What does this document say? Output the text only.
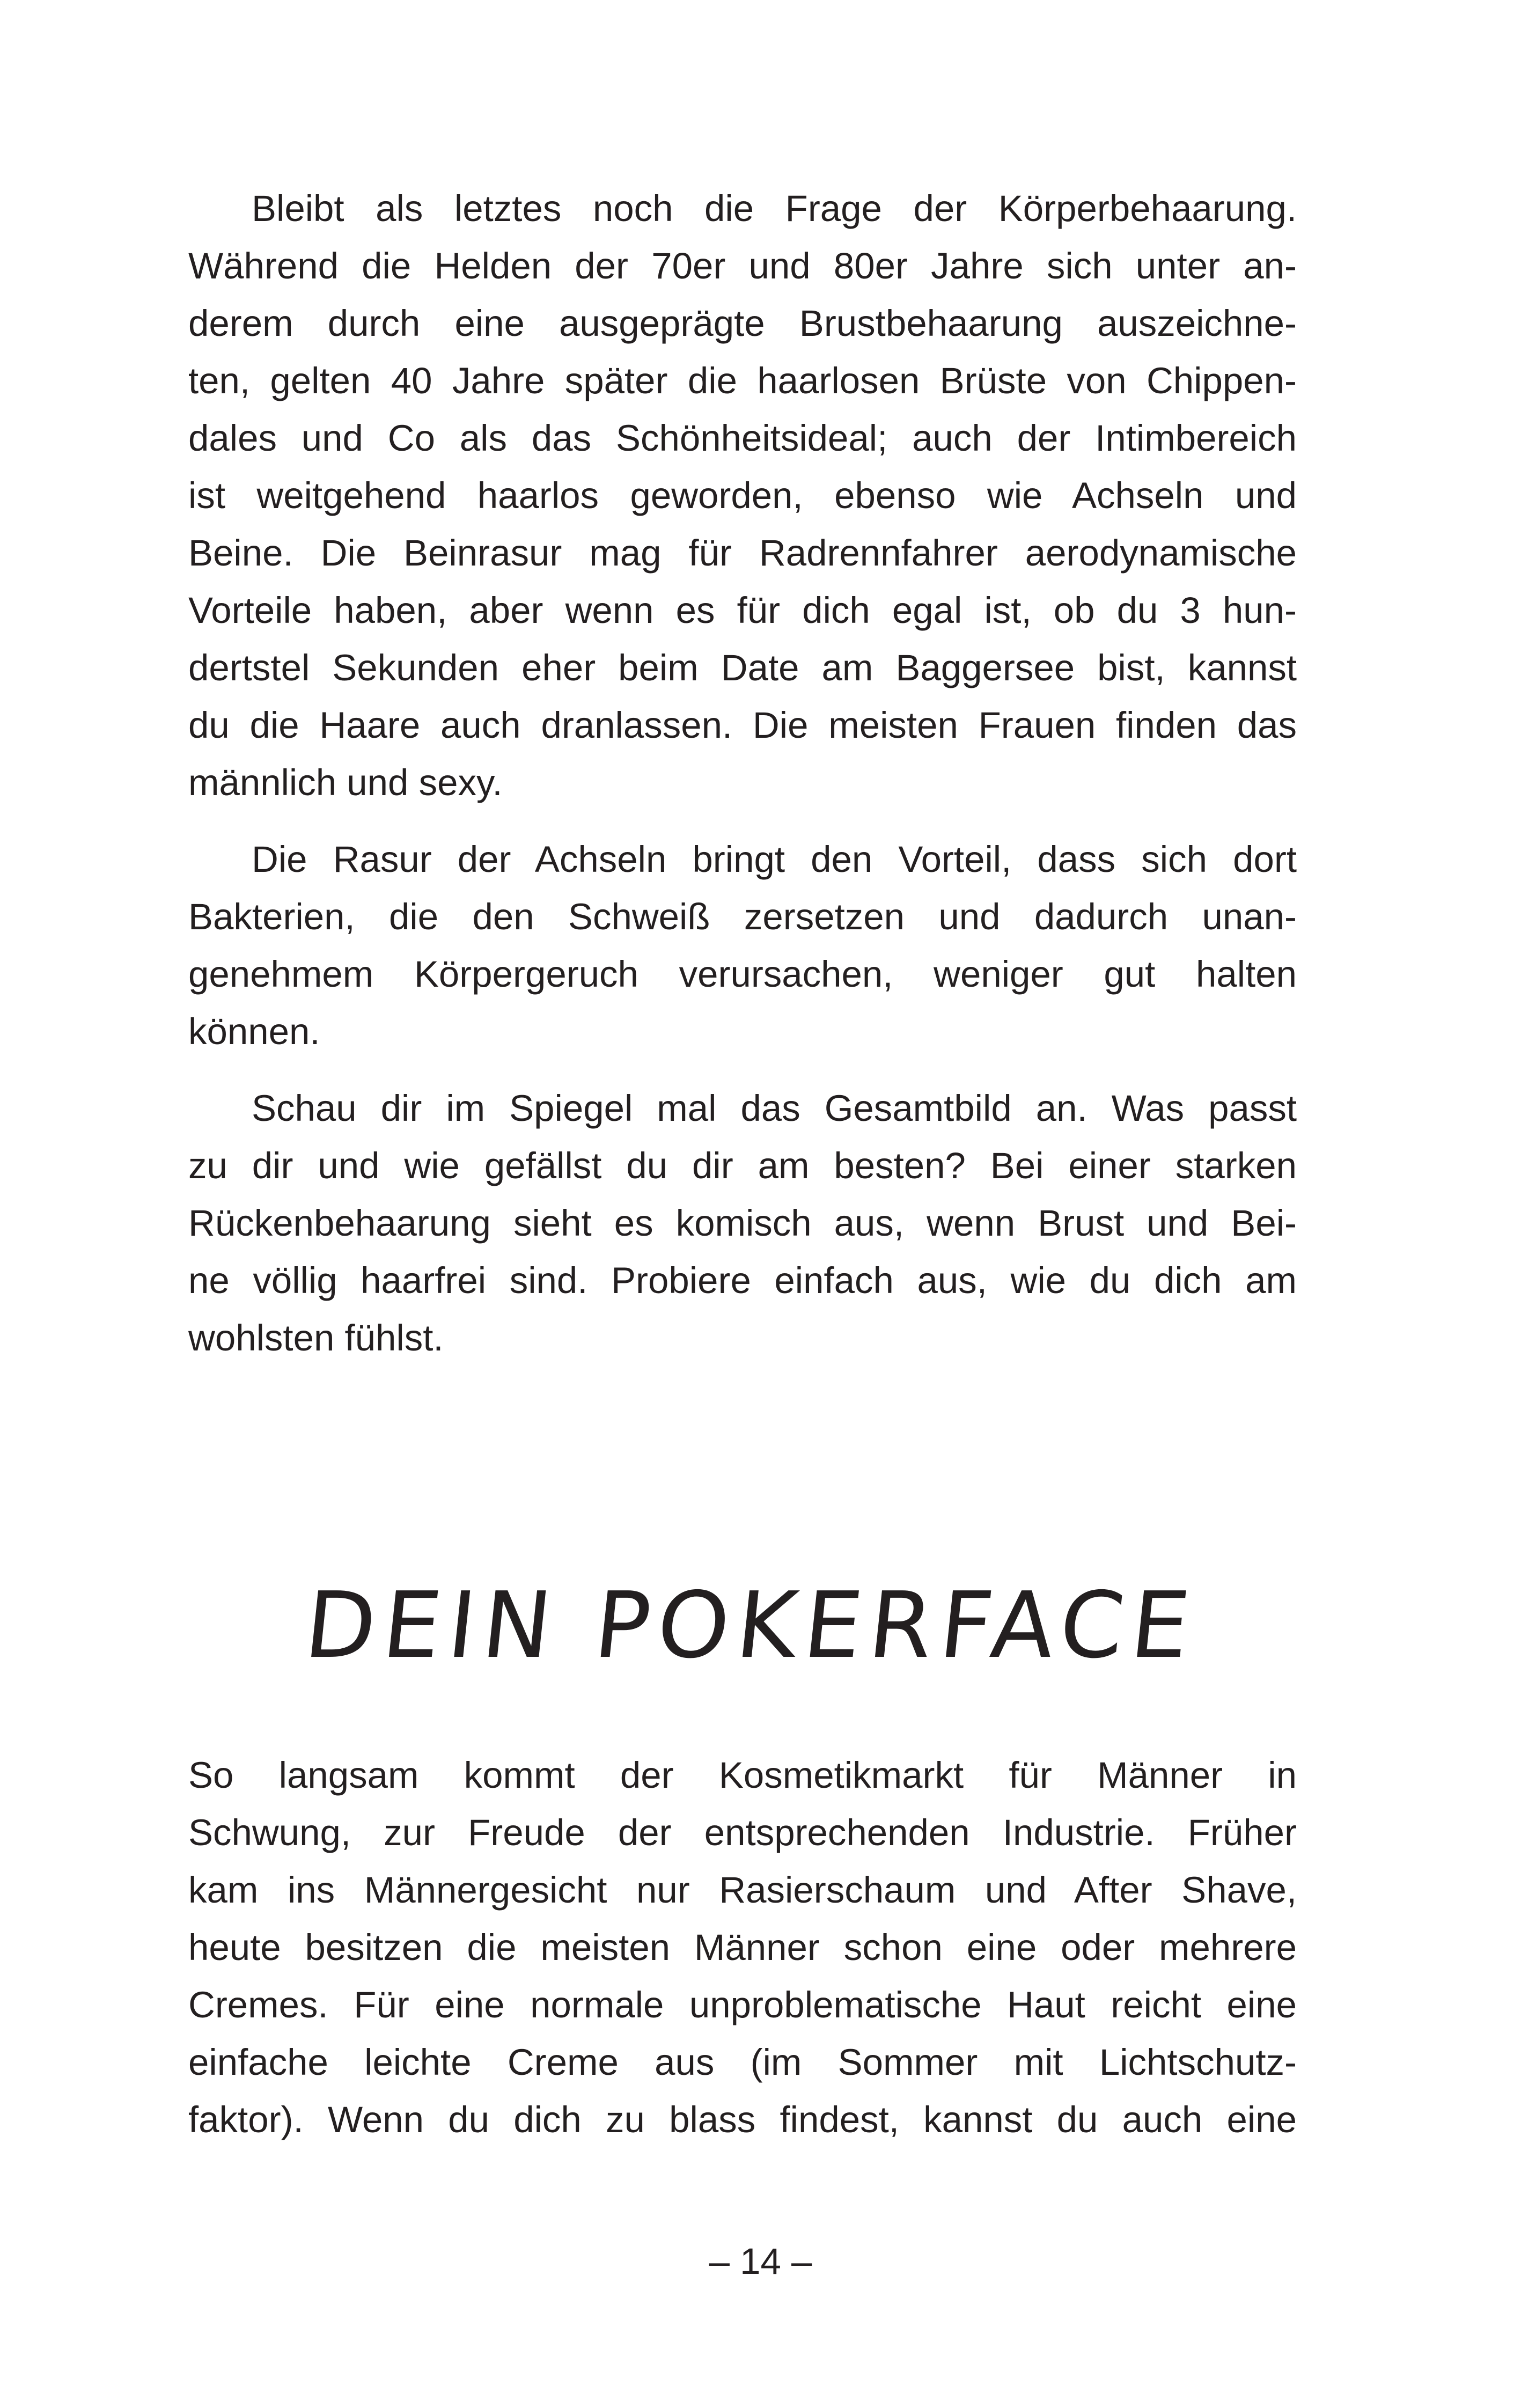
Bleibt als letztes noch die Frage der Körperbehaarung.
Während die Helden der 70er und 80er Jahre sich unter an-
derem durch eine ausgeprägte Brustbehaarung auszeichne-
ten, gelten 40 Jahre später die haarlosen Brüste von Chippen-
dales und Co als das Schönheitsideal; auch der Intimbereich
ist weitgehend haarlos geworden, ebenso wie Achseln und
Beine. Die Beinrasur mag für Radrennfahrer aerodynamische
Vorteile haben, aber wenn es für dich egal ist, ob du 3 hun-
dertstel Sekunden eher beim Date am Baggersee bist, kannst
du die Haare auch dranlassen. Die meisten Frauen finden das
männlich und sexy.

Die Rasur der Achseln bringt den Vorteil, dass sich dort
Bakterien, die den Schweiß zersetzen und dadurch unan-
genehmem Körpergeruch verursachen, weniger gut halten
können.

Schau dir im Spiegel mal das Gesamtbild an. Was passt
zu dir und wie gefällst du dir am besten? Bei einer starken
Rückenbehaarung sieht es komisch aus, wenn Brust und Bei-
ne völlig haarfrei sind. Probiere einfach aus, wie du dich am
wohlsten fühlst.

DEIN POKERFACE

So langsam kommt der Kosmetikmarkt für Männer in
Schwung, zur Freude der entsprechenden Industrie. Früher
kam ins Männergesicht nur Rasierschaum und After Shave,
heute besitzen die meisten Männer schon eine oder mehrere
Cremes. Für eine normale unproblematische Haut reicht eine
einfache leichte Creme aus (im Sommer mit Lichtschutz-
faktor). Wenn du dich zu blass findest, kannst du auch eine

– 14 –
